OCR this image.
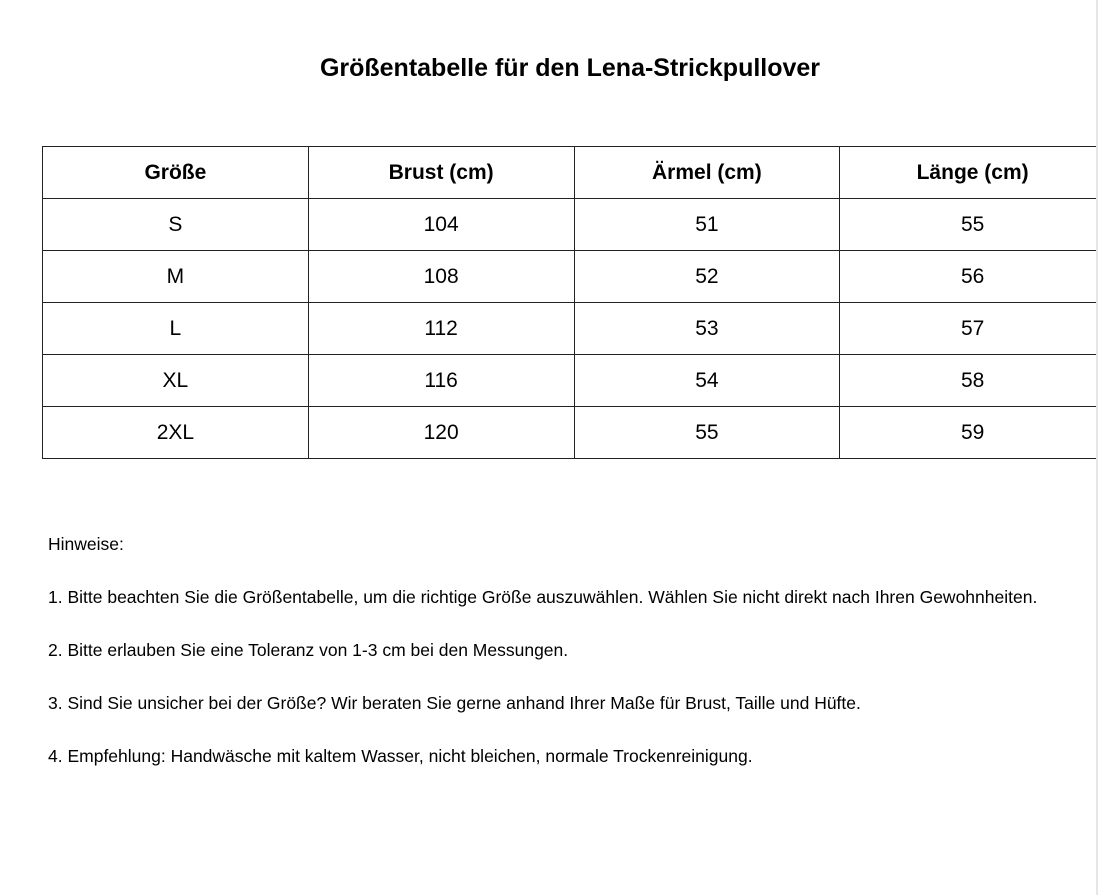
Größentabelle für den Lena-Strickpullover
Größe	Brust (cm)	Ärmel (cm)	Länge (cm)
S	104	51	55
M	108	52	56
L	112	53	57
XL	116	54	58
2XL	120	55	59
Hinweise:
1. Bitte beachten Sie die Größentabelle, um die richtige Größe auszuwählen. Wählen Sie nicht direkt nach Ihren Gewohnheiten.
2. Bitte erlauben Sie eine Toleranz von 1-3 cm bei den Messungen.
3. Sind Sie unsicher bei der Größe? Wir beraten Sie gerne anhand Ihrer Maße für Brust, Taille und Hüfte.
4. Empfehlung: Handwäsche mit kaltem Wasser, nicht bleichen, normale Trockenreinigung.
